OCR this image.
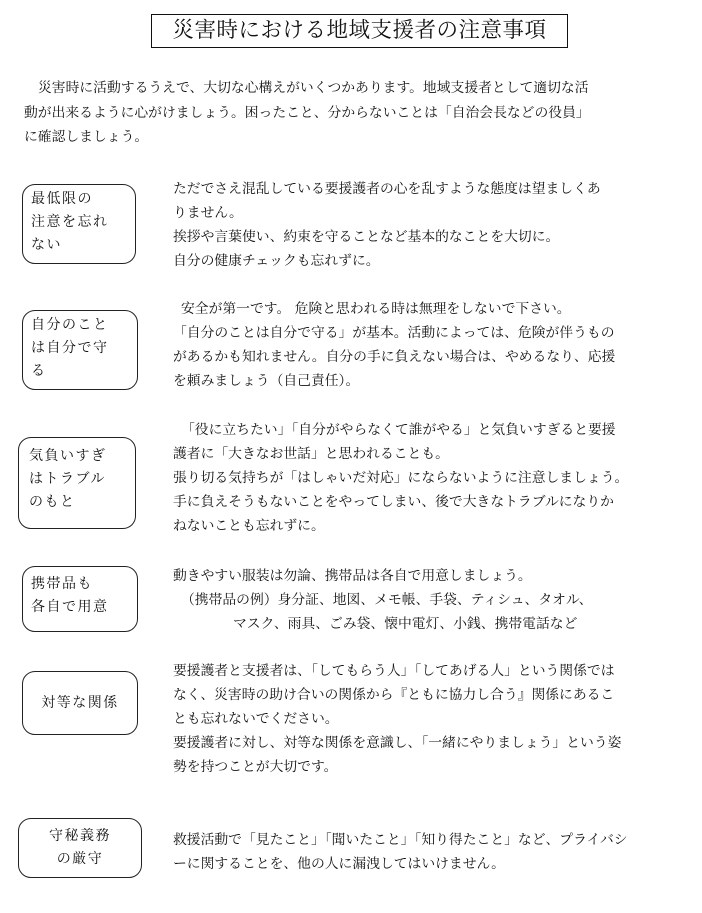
災害時における地域支援者の注意事項
災害時に活動するうえで、大切な心構えがいくつかあります。地域支援者として適切な活
動が出来るように心がけましょう。困ったこと、分からないことは「自治会長などの役員」
に確認しましょう。
最低限の
注意を忘れ
ない
ただでさえ混乱している要援護者の心を乱すような態度は望ましくあ
りません。
挨拶や言葉使い、約束を守ることなど基本的なことを大切に。
自分の健康チェックも忘れずに。
自分のこと
は自分で守
る
安全が第一です。 危険と思われる時は無理をしないで下さい。
「自分のことは自分で守る」が基本。活動によっては、危険が伴うもの
があるかも知れません。自分の手に負えない場合は、やめるなり、応援
を頼みましょう（自己責任）。
気負いすぎ
はトラブル
のもと
「役に立ちたい」「自分がやらなくて誰がやる」と気負いすぎると要援
護者に「大きなお世話」と思われることも。
張り切る気持ちが「はしゃいだ対応」にならないように注意しましょう。
手に負えそうもないことをやってしまい、後で大きなトラブルになりか
ねないことも忘れずに。
携帯品も
各自で用意
動きやすい服装は勿論、携帯品は各自で用意しましょう。
（携帯品の例）身分証、地図、メモ帳、手袋、ティシュ、タオル、
マスク、雨具、ごみ袋、懐中電灯、小銭、携帯電話など
対等な関係
要援護者と支援者は、「してもらう人」「してあげる人」という関係では
なく、災害時の助け合いの関係から『ともに協力し合う』関係にあるこ
とも忘れないでください。
要援護者に対し、対等な関係を意識し、「一緒にやりましょう」という姿
勢を持つことが大切です。
守秘義務
の厳守
救援活動で「見たこと」「聞いたこと」「知り得たこと」など、プライバシ
ーに関することを、他の人に漏洩してはいけません。
